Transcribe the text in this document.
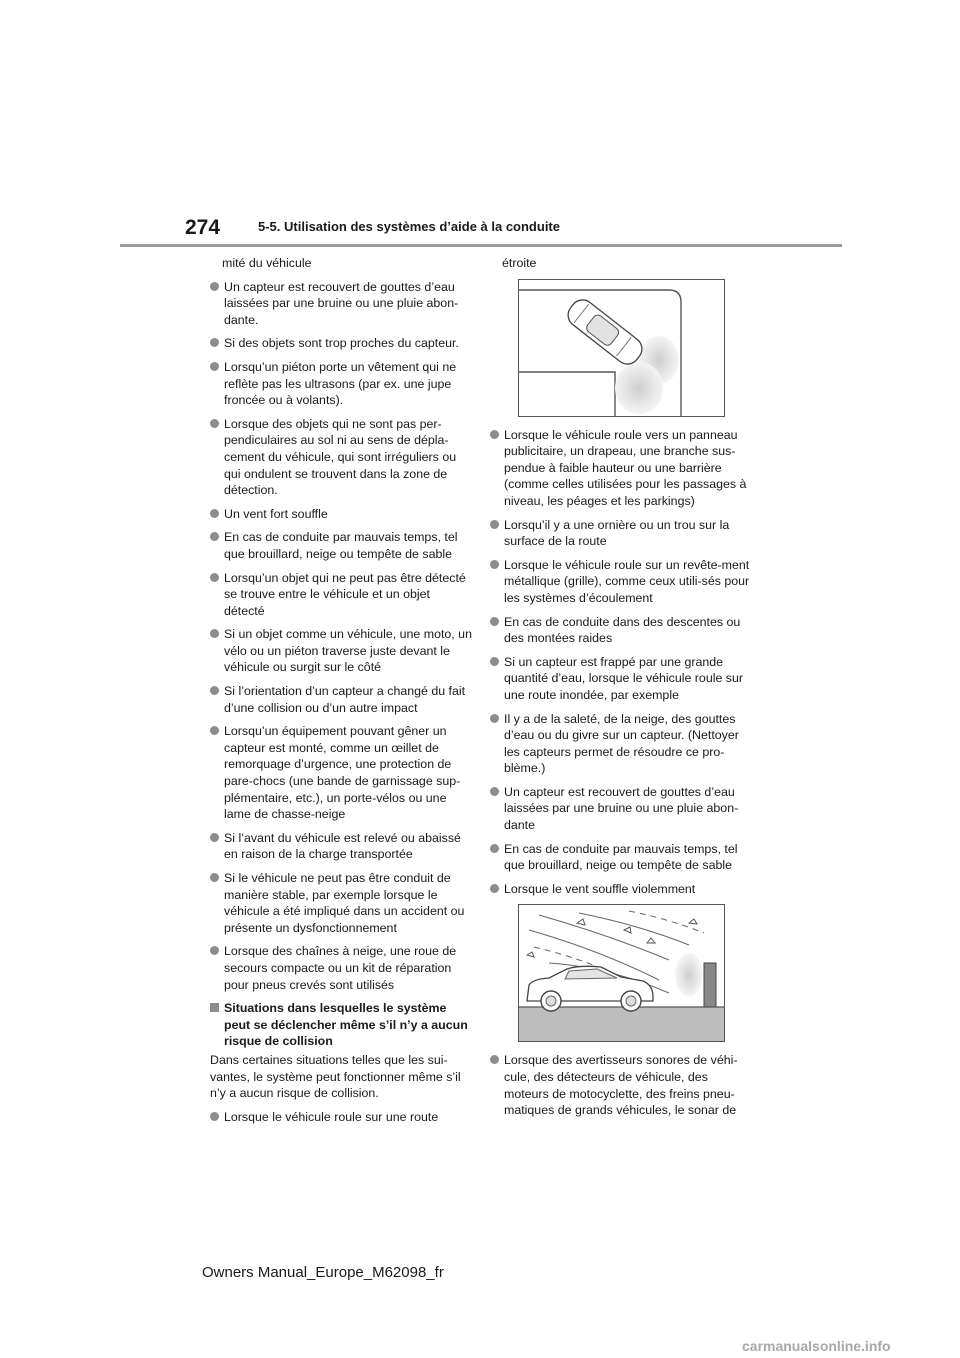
274	5-5. Utilisation des systèmes d’aide à la conduite
mité du véhicule
Un capteur est recouvert de gouttes d’eau laissées par une bruine ou une pluie abon-dante.
Si des objets sont trop proches du capteur.
Lorsqu’un piéton porte un vêtement qui ne reflète pas les ultrasons (par ex. une jupe froncée ou à volants).
Lorsque des objets qui ne sont pas per-pendiculaires au sol ni au sens de dépla-cement du véhicule, qui sont irréguliers ou qui ondulent se trouvent dans la zone de détection.
Un vent fort souffle
En cas de conduite par mauvais temps, tel que brouillard, neige ou tempête de sable
Lorsqu’un objet qui ne peut pas être détecté se trouve entre le véhicule et un objet détecté
Si un objet comme un véhicule, une moto, un vélo ou un piéton traverse juste devant le véhicule ou surgit sur le côté
Si l’orientation d’un capteur a changé du fait d’une collision ou d’un autre impact
Lorsqu’un équipement pouvant gêner un capteur est monté, comme un œillet de remorquage d’urgence, une protection de pare-chocs (une bande de garnissage sup-plémentaire, etc.), un porte-vélos ou une lame de chasse-neige
Si l’avant du véhicule est relevé ou abaissé en raison de la charge transportée
Si le véhicule ne peut pas être conduit de manière stable, par exemple lorsque le véhicule a été impliqué dans un accident ou présente un dysfonctionnement
Lorsque des chaînes à neige, une roue de secours compacte ou un kit de réparation pour pneus crevés sont utilisés
Situations dans lesquelles le système peut se déclencher même s’il n’y a aucun risque de collision
Dans certaines situations telles que les sui-vantes, le système peut fonctionner même s’il n’y a aucun risque de collision.
Lorsque le véhicule roule sur une route
étroite
Lorsque le véhicule roule vers un panneau publicitaire, un drapeau, une branche sus-pendue à faible hauteur ou une barrière (comme celles utilisées pour les passages à niveau, les péages et les parkings)
Lorsqu’il y a une ornière ou un trou sur la surface de la route
Lorsque le véhicule roule sur un revête-ment métallique (grille), comme ceux utili-sés pour les systèmes d’écoulement
En cas de conduite dans des descentes ou des montées raides
Si un capteur est frappé par une grande quantité d’eau, lorsque le véhicule roule sur une route inondée, par exemple
Il y a de la saleté, de la neige, des gouttes d’eau ou du givre sur un capteur. (Nettoyer les capteurs permet de résoudre ce pro-blème.)
Un capteur est recouvert de gouttes d’eau laissées par une bruine ou une pluie abon-dante
En cas de conduite par mauvais temps, tel que brouillard, neige ou tempête de sable
Lorsque le vent souffle violemment
Lorsque des avertisseurs sonores de véhi-cule, des détecteurs de véhicule, des moteurs de motocyclette, des freins pneu-matiques de grands véhicules, le sonar de
Owners Manual_Europe_M62098_fr
carmanualsonline.info
